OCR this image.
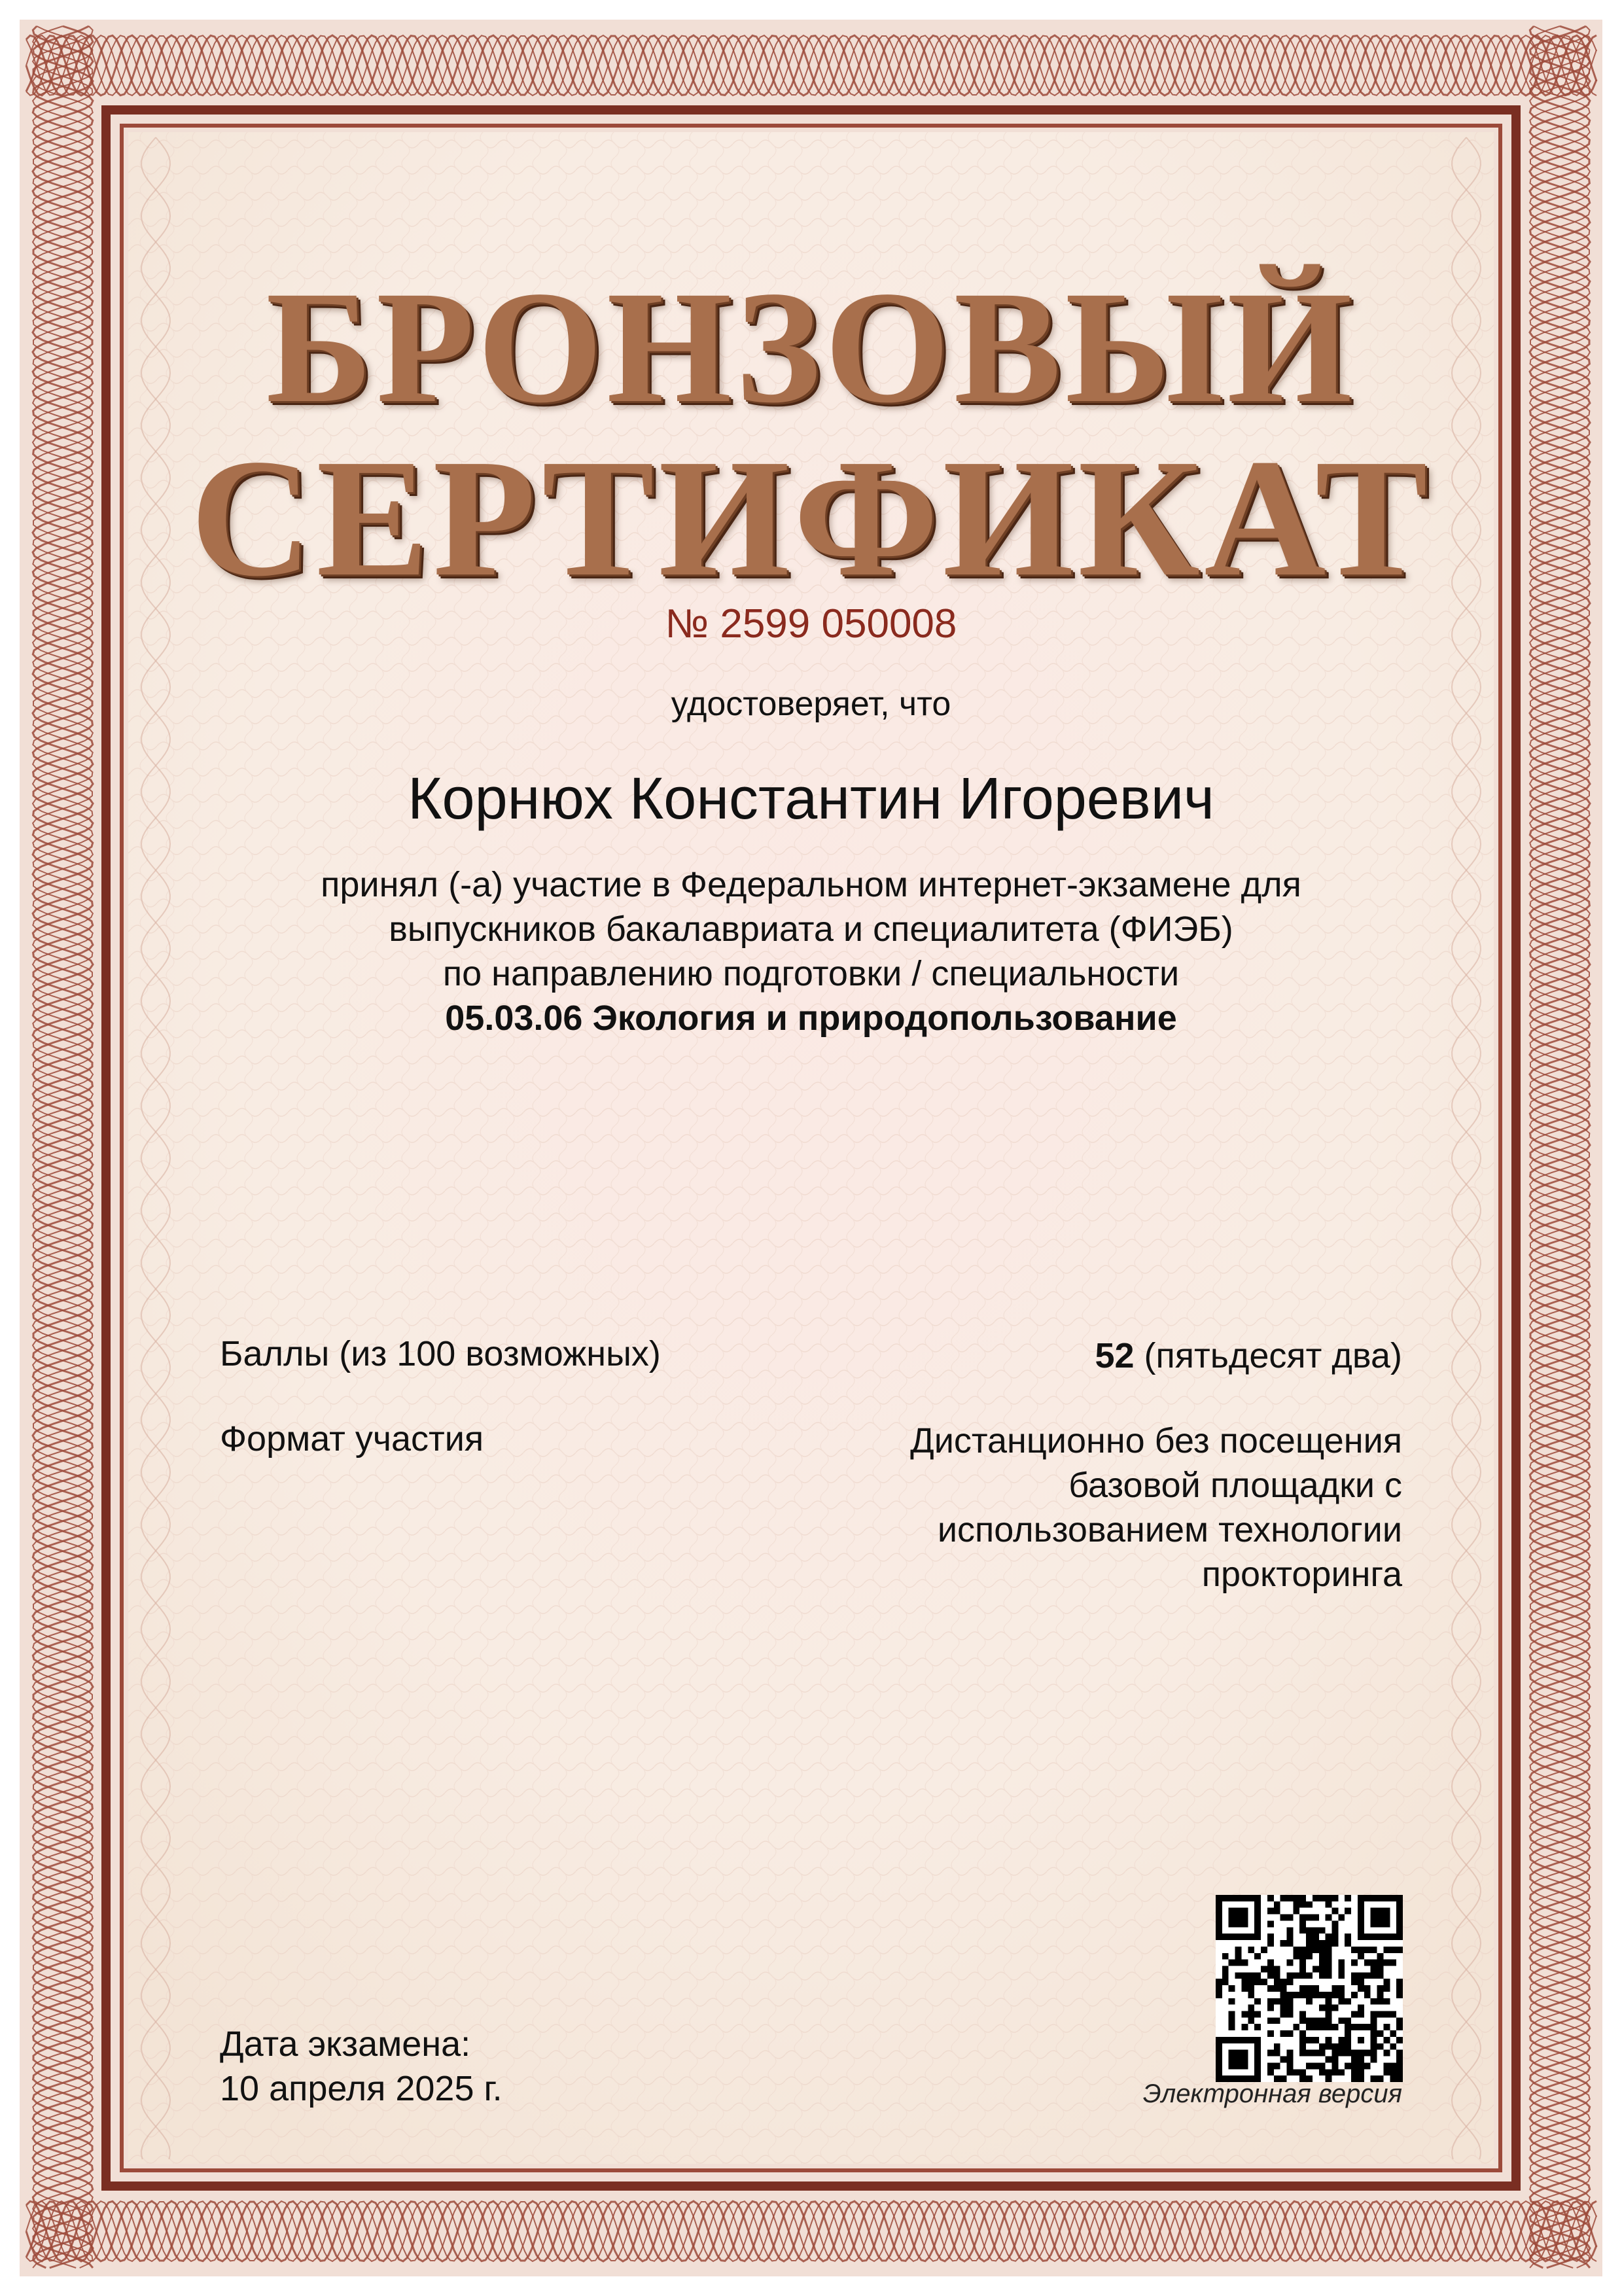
БРОНЗОВЫЙ
СЕРТИФИКАТ
№ 2599 050008
удостоверяет, что
Корнюх Константин Игоревич
принял (-а) участие в Федеральном интернет-экзамене для
выпускников бакалавриата и специалитета (ФИЭБ)
по направлению подготовки / специальности
05.03.06 Экология и природопользование
Баллы (из 100 возможных)	52 (пятьдесят два)
Формат участия	Дистанционно без посещения
базовой площадки с
использованием технологии
прокторинга
Дата экзамена:
10 апреля 2025 г.	Электронная версия
